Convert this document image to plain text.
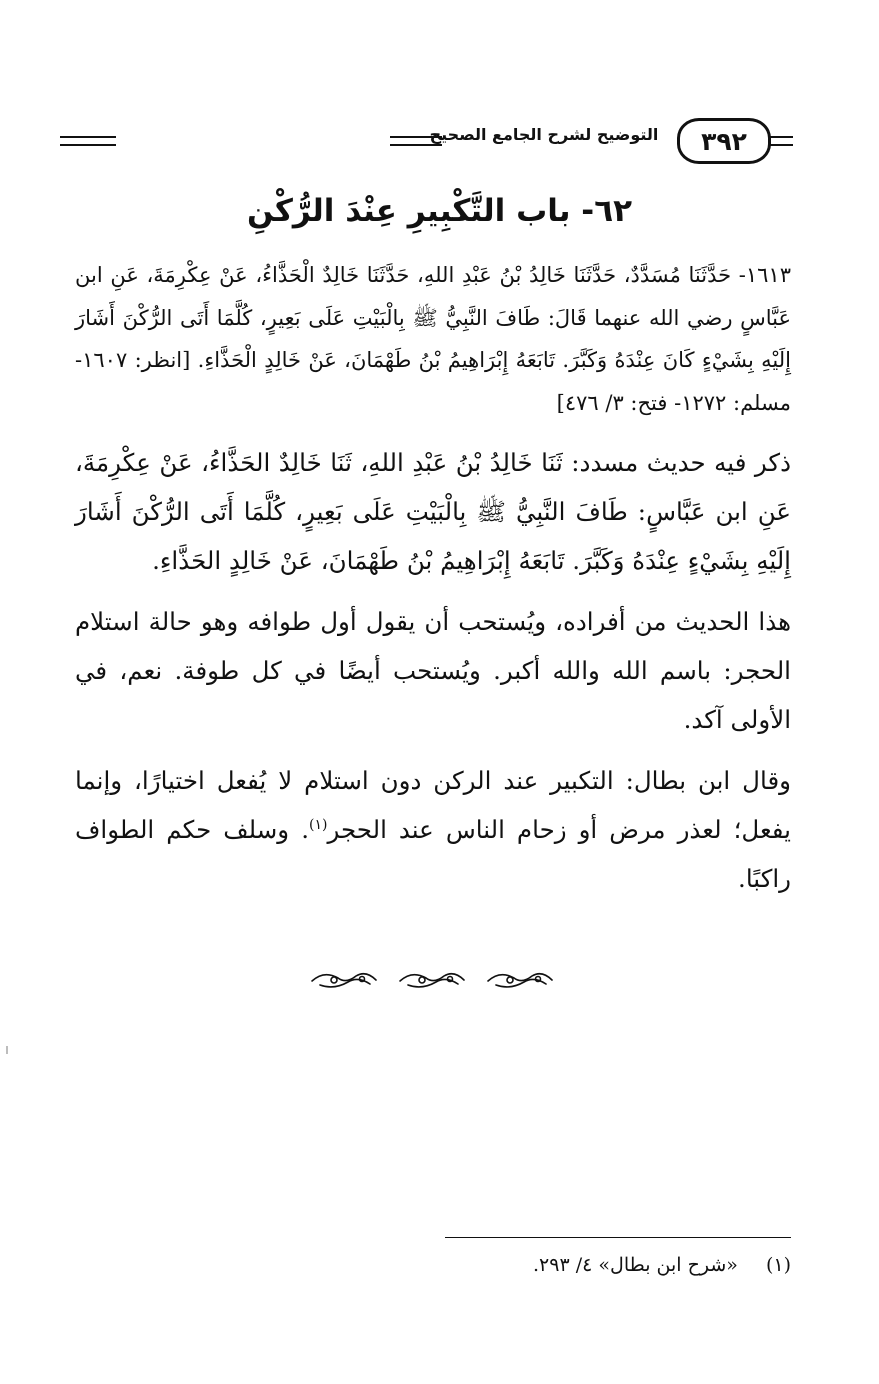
٣٩٢
التوضيح لشرح الجامع الصحيح
٦٢- باب التَّكْبِيرِ عِنْدَ الرُّكْنِ

١٦١٣- حَدَّثَنَا مُسَدَّدٌ، حَدَّثَنَا خَالِدُ بْنُ عَبْدِ اللهِ، حَدَّثَنَا خَالِدٌ الْحَذَّاءُ، عَنْ عِكْرِمَةَ، عَنِ ابن عَبَّاسٍ رضي الله عنهما قَالَ: طَافَ النَّبِيُّ ﷺ بِالْبَيْتِ عَلَى بَعِيرٍ، كُلَّمَا أَتَى الرُّكْنَ أَشَارَ إِلَيْهِ بِشَيْءٍ كَانَ عِنْدَهُ وَكَبَّرَ. تَابَعَهُ إِبْرَاهِيمُ بْنُ طَهْمَانَ، عَنْ خَالِدٍ الْحَذَّاءِ. [انظر: ١٦٠٧- مسلم: ١٢٧٢- فتح: ٣/ ٤٧٦]

ذكر فيه حديث مسدد: ثَنَا خَالِدُ بْنُ عَبْدِ اللهِ، ثَنَا خَالِدٌ الحَذَّاءُ، عَنْ عِكْرِمَةَ، عَنِ ابن عَبَّاسٍ: طَافَ النَّبِيُّ ﷺ بِالْبَيْتِ عَلَى بَعِيرٍ، كُلَّمَا أَتَى الرُّكْنَ أَشَارَ إِلَيْهِ بِشَيْءٍ عِنْدَهُ وَكَبَّرَ. تَابَعَهُ إِبْرَاهِيمُ بْنُ طَهْمَانَ، عَنْ خَالِدٍ الحَذَّاءِ.

هذا الحديث من أفراده، ويُستحب أن يقول أول طوافه وهو حالة استلام الحجر: باسم الله والله أكبر. ويُستحب أيضًا في كل طوفة. نعم، في الأولى آكد.

وقال ابن بطال: التكبير عند الركن دون استلام لا يُفعل اختيارًا، وإنما يفعل؛ لعذر مرض أو زحام الناس عند الحجر$^{(١)}$. وسلف حكم الطواف راكبًا.

(١) «شرح ابن بطال» ٤/ ٢٩٣.
